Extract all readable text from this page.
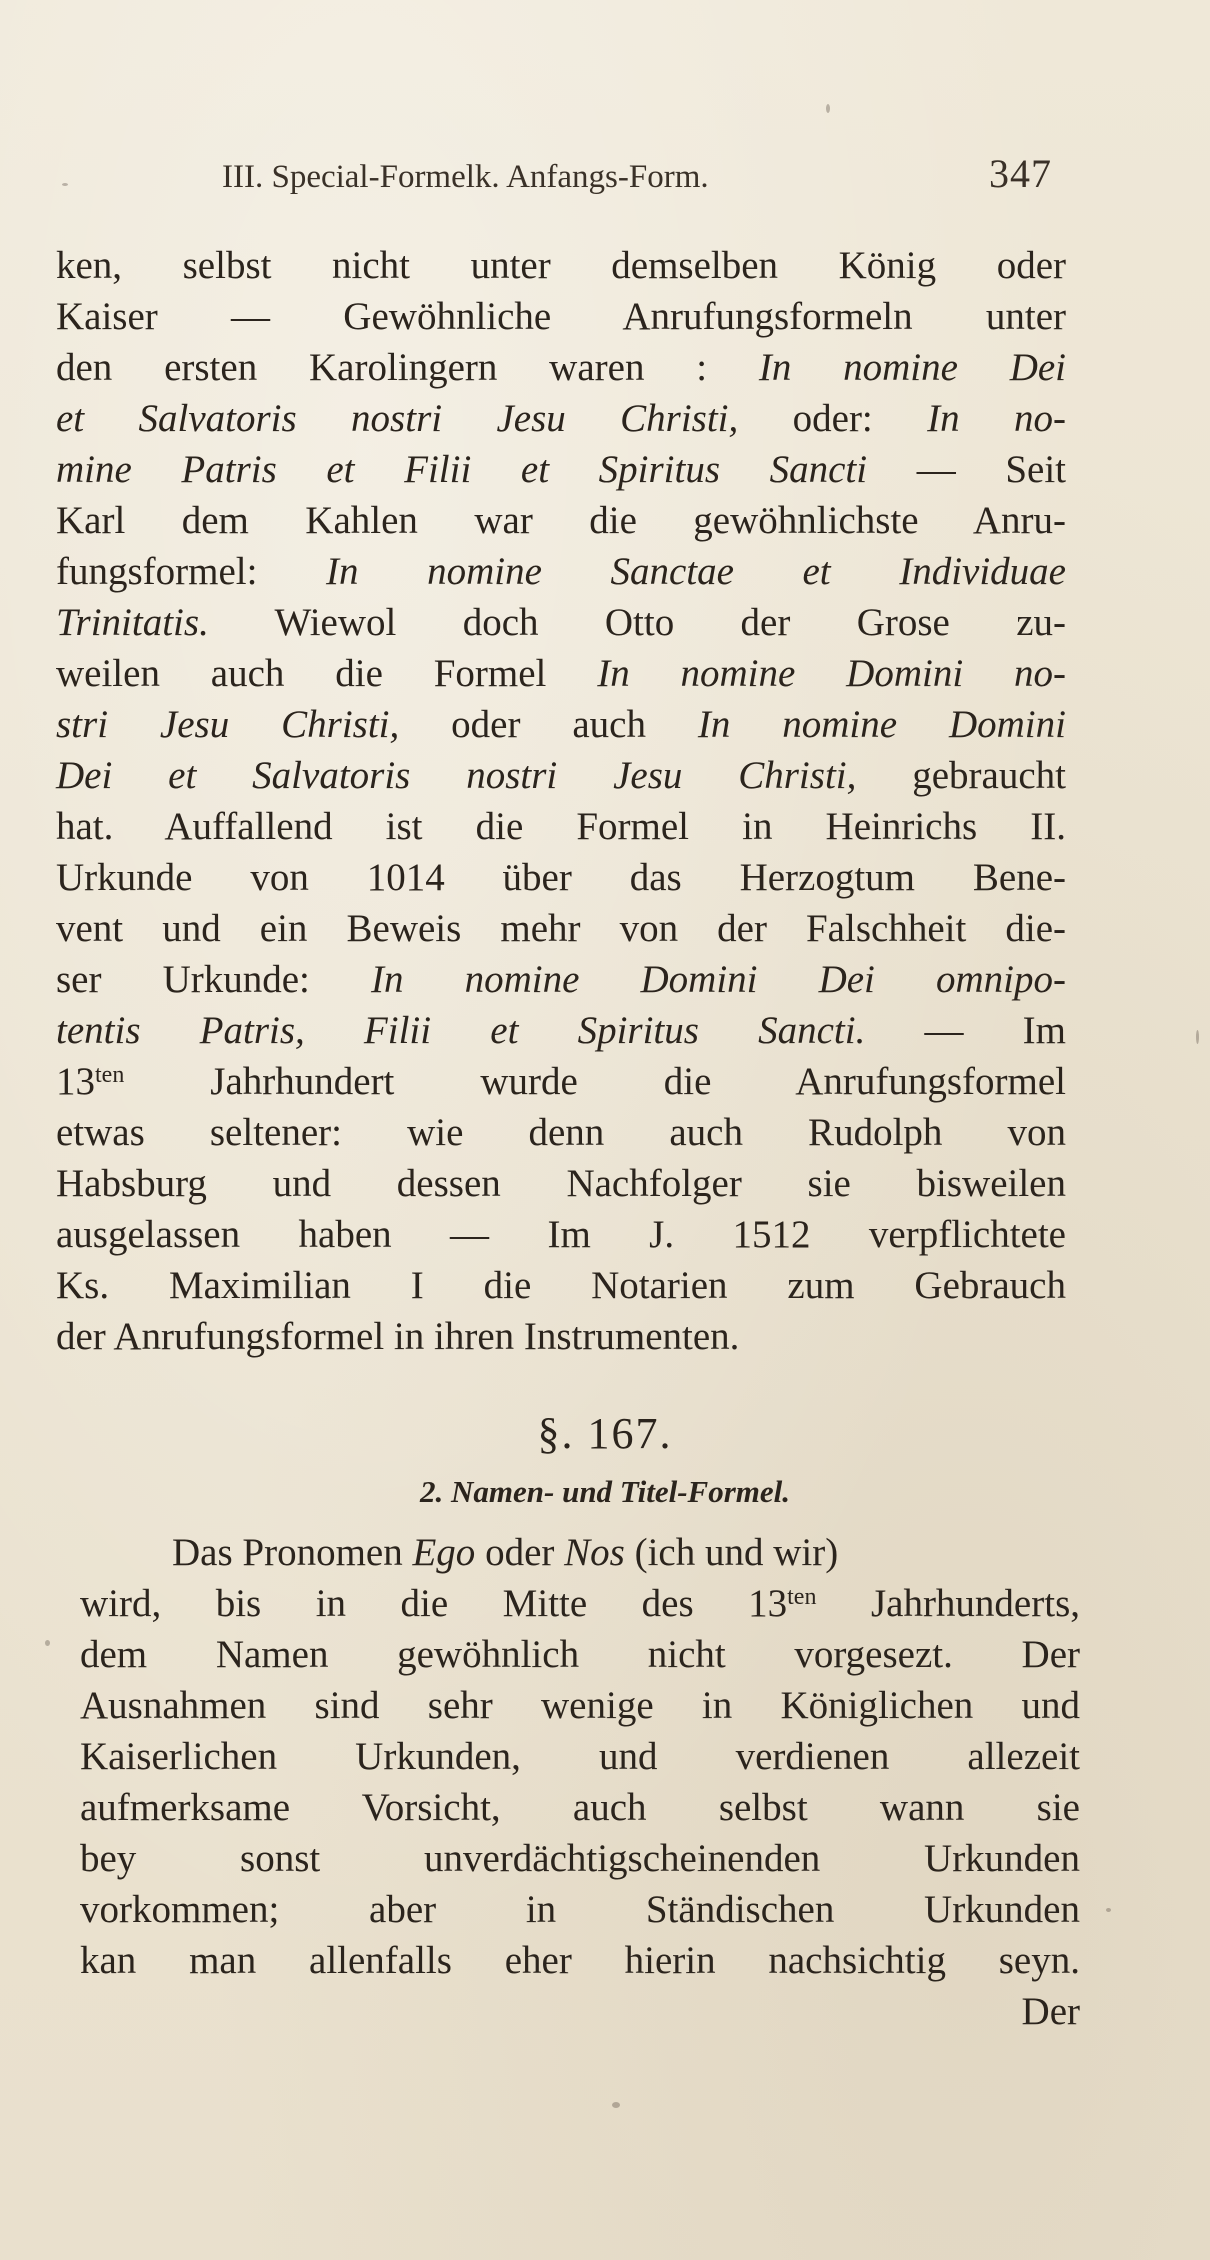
III. Special-Formelk. Anfangs-Form.	347
ken, selbst nicht unter demselben König oder
Kaiser — Gewöhnliche Anrufungsformeln unter
den ersten Karolingern waren : In nomine Dei
et Salvatoris nostri Jesu Christi, oder: In no-
mine Patris et Filii et Spiritus Sancti — Seit
Karl dem Kahlen war die gewöhnlichste Anru-
fungsformel: In nomine Sanctae et Individuae
Trinitatis. Wiewol doch Otto der Grose zu-
weilen auch die Formel In nomine Domini no-
stri Jesu Christi, oder auch In nomine Domini
Dei et Salvatoris nostri Jesu Christi, gebraucht
hat. Auffallend ist die Formel in Heinrichs II.
Urkunde von 1014 über das Herzogtum Bene-
vent und ein Beweis mehr von der Falschheit die-
ser Urkunde: In nomine Domini Dei omnipo-
tentis Patris, Filii et Spiritus Sancti. — Im
$13^{ten}$ Jahrhundert wurde die Anrufungsformel
etwas seltener: wie denn auch Rudolph von
Habsburg und dessen Nachfolger sie bisweilen
ausgelassen haben — Im J. 1512 verpflichtete
Ks. Maximilian I die Notarien zum Gebrauch
der Anrufungsformel in ihren Instrumenten.
§. 167.
2. Namen- und Titel-Formel.
Das Pronomen Ego oder Nos (ich und wir)
wird, bis in die Mitte des $13^{ten}$ Jahrhunderts,
dem Namen gewöhnlich nicht vorgesezt. Der
Ausnahmen sind sehr wenige in Königlichen und
Kaiserlichen Urkunden, und verdienen allezeit
aufmerksame Vorsicht, auch selbst wann sie
bey sonst unverdächtigscheinenden Urkunden
vorkommen; aber in Ständischen Urkunden
kan man allenfalls eher hierin nachsichtig seyn.
Der
